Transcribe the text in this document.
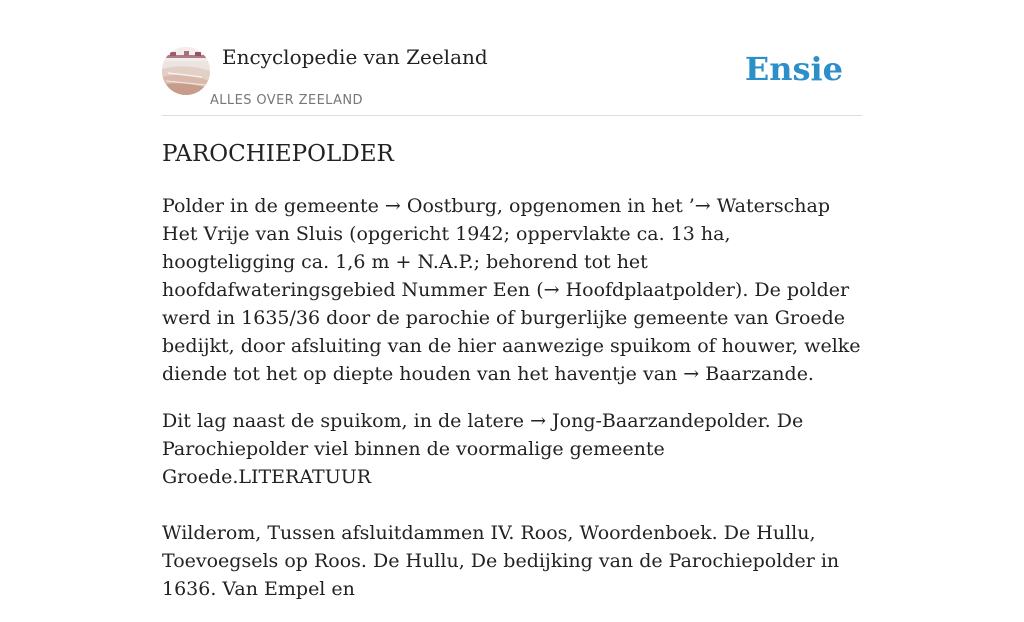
Encyclopedie van Zeeland
ALLES OVER ZEELAND
Ensie
PAROCHIEPOLDER

Polder in de gemeente → Oostburg, opgenomen in het ’→ Waterschap Het Vrije van Sluis (opgericht 1942; oppervlakte ca. 13 ha, hoogteligging ca. 1,6 m + N.A.P.; behorend tot het hoofdafwateringsgebied Nummer Een (→ Hoofdplaatpolder). De polder werd in 1635/36 door de parochie of burgerlijke gemeente van Groede bedijkt, door afsluiting van de hier aanwezige spuikom of houwer, welke diende tot het op diepte houden van het haventje van → Baarzande.

Dit lag naast de spuikom, in de latere → Jong-Baarzandepolder. De Parochiepolder viel binnen de voormalige gemeente Groede.LITERATUUR

Wilderom, Tussen afsluitdammen IV. Roos, Woordenboek. De Hullu, Toevoegsels op Roos. De Hullu, De bedijking van de Parochiepolder in 1636. Van Empel en
